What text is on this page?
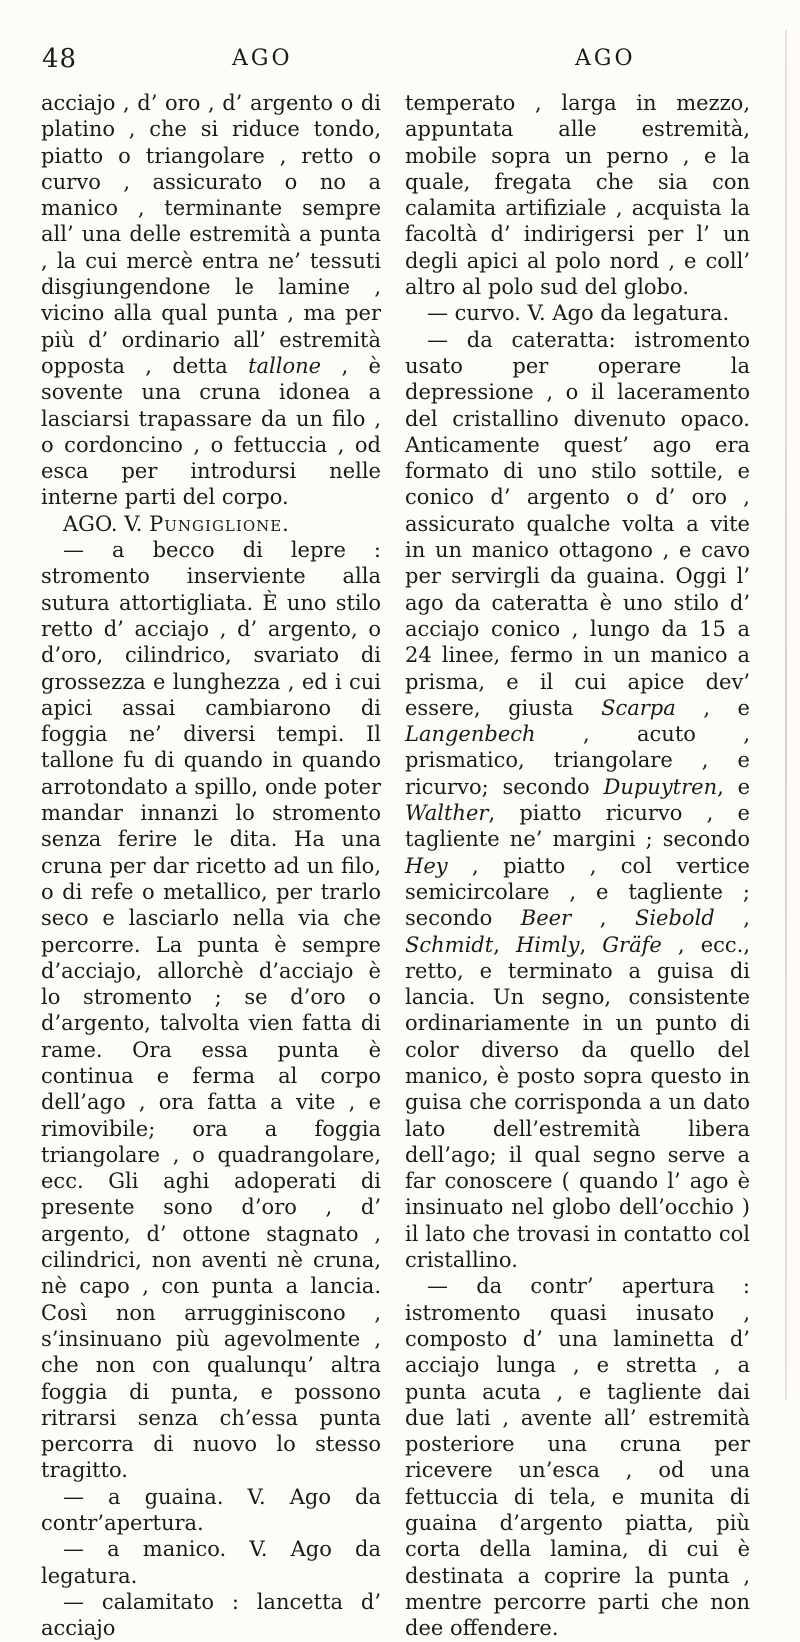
48	AGO	AGO

acciajo , d’ oro , d’ argento o di platino , che si riduce tondo, piatto o triangolare , retto o curvo , assicurato o no a manico , terminante sempre all’ una delle estremità a punta , la cui mercè entra ne’ tessuti disgiungendone le lamine , vicino alla qual punta , ma per più d’ ordinario all’ estremità opposta , detta tallone , è sovente una cruna idonea a lasciarsi trapassare da un filo , o cordoncino , o fettuccia , od esca per introdursi nelle interne parti del corpo.

AGO. V. Pungiglione.

— a becco di lepre : stromento inserviente alla sutura attortigliata. È uno stilo retto d’ acciajo , d’ argento, o d’oro, cilindrico, svariato di grossezza e lunghezza , ed i cui apici assai cambiarono di foggia ne’ diversi tempi. Il tallone fu di quando in quando arrotondato a spillo, onde poter mandar innanzi lo stromento senza ferire le dita. Ha una cruna per dar ricetto ad un filo, o di refe o metallico, per trarlo seco e lasciarlo nella via che percorre. La punta è sempre d’acciajo, allorchè d’acciajo è lo stromento ; se d’oro o d’argento, talvolta vien fatta di rame. Ora essa punta è continua e ferma al corpo dell’ago , ora fatta a vite , e rimovibile; ora a foggia triangolare , o quadrangolare, ecc. Gli aghi adoperati di presente sono d’oro , d’ argento, d’ ottone stagnato , cilindrici, non aventi nè cruna, nè capo , con punta a lancia. Così non arrugginiscono , s’insinuano più agevolmente , che non con qualunqu’ altra foggia di punta, e possono ritrarsi senza ch’essa punta percorra di nuovo lo stesso tragitto.

— a guaina. V. Ago da contr’apertura.

— a manico. V. Ago da legatura.

— calamitato : lancetta d’ acciajo

temperato , larga in mezzo, appuntata alle estremità, mobile sopra un perno , e la quale, fregata che sia con calamita artifiziale , acquista la facoltà d’ indirigersi per l’ un degli apici al polo nord , e coll’ altro al polo sud del globo.

— curvo. V. Ago da legatura.

— da cateratta: istromento usato per operare la depressione , o il laceramento del cristallino divenuto opaco. Anticamente quest’ ago era formato di uno stilo sottile, e conico d’ argento o d’ oro , assicurato qualche volta a vite in un manico ottagono , e cavo per servirgli da guaina. Oggi l’ ago da cateratta è uno stilo d’ acciajo conico , lungo da 15 a 24 linee, fermo in un manico a prisma, e il cui apice dev’ essere, giusta Scarpa , e Langenbech , acuto , prismatico, triangolare , e ricurvo; secondo Dupuytren, e Walther, piatto ricurvo , e tagliente ne’ margini ; secondo Hey , piatto , col vertice semicircolare , e tagliente ; secondo Beer , Siebold , Schmidt, Himly, Gräfe , ecc., retto, e terminato a guisa di lancia. Un segno, consistente ordinariamente in un punto di color diverso da quello del manico, è posto sopra questo in guisa che corrisponda a un dato lato dell’estremità libera dell’ago; il qual segno serve a far conoscere ( quando l’ ago è insinuato nel globo dell’occhio ) il lato che trovasi in contatto col cristallino.

— da contr’ apertura : istromento quasi inusato , composto d’ una laminetta d’ acciajo lunga , e stretta , a punta acuta , e tagliente dai due lati , avente all’ estremità posteriore una cruna per ricevere un’esca , od una fettuccia di tela, e munita di guaina d’argento piatta, più corta della lamina, di cui è destinata a coprire la punta , mentre percorre parti che non dee offendere.
